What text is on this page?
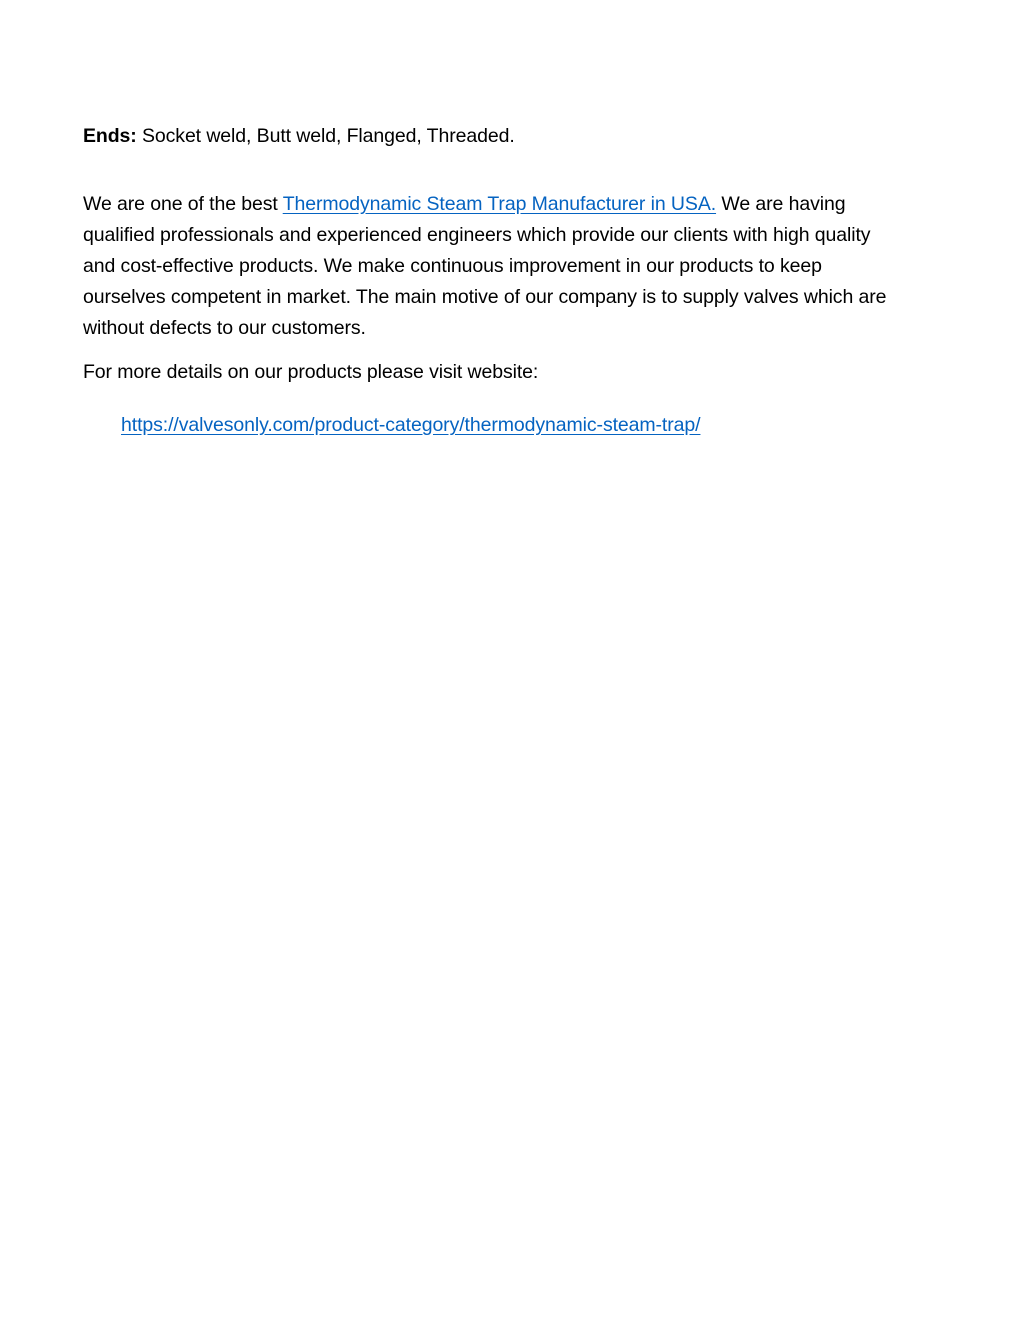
Ends: Socket weld, Butt weld, Flanged, Threaded.

We are one of the best Thermodynamic Steam Trap Manufacturer in USA. We are having qualified professionals and experienced engineers which provide our clients with high quality and cost-effective products. We make continuous improvement in our products to keep ourselves competent in market. The main motive of our company is to supply valves which are without defects to our customers.

For more details on our products please visit website:
https://valvesonly.com/product-category/thermodynamic-steam-trap/
